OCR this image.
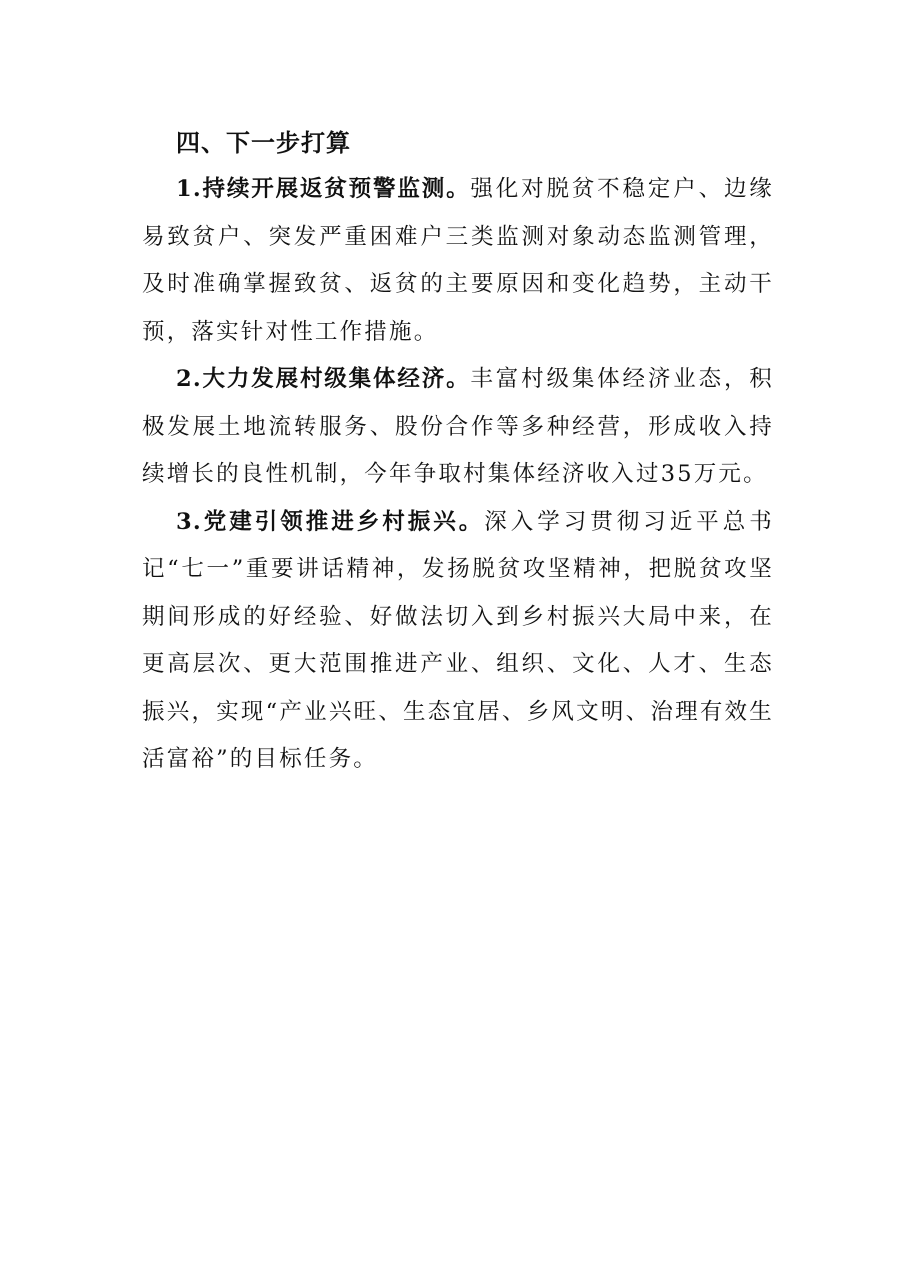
四、下一步打算

1.持续开展返贫预警监测。强化对脱贫不稳定户、边缘易致贫户、突发严重困难户三类监测对象动态监测管理，及时准确掌握致贫、返贫的主要原因和变化趋势，主动干预，落实针对性工作措施。

2.大力发展村级集体经济。丰富村级集体经济业态，积极发展土地流转服务、股份合作等多种经营，形成收入持续增长的良性机制，今年争取村集体经济收入过35万元。

3.党建引领推进乡村振兴。深入学习贯彻习近平总书记“七一”重要讲话精神，发扬脱贫攻坚精神，把脱贫攻坚期间形成的好经验、好做法切入到乡村振兴大局中来，在更高层次、更大范围推进产业、组织、文化、人才、生态振兴，实现“产业兴旺、生态宜居、乡风文明、治理有效生活富裕”的目标任务。
